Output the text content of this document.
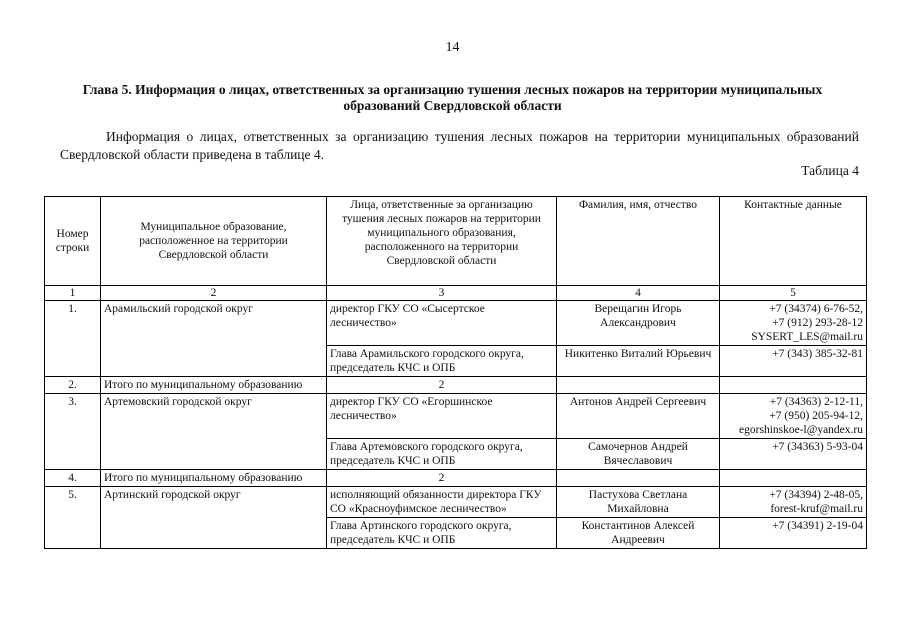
14
Глава 5. Информация о лицах, ответственных за организацию тушения лесных пожаров на территории муниципальных образований Свердловской области
Информация о лицах, ответственных за организацию тушения лесных пожаров на территории муниципальных образований Свердловской области приведена в таблице 4.
Таблица 4
Номер строки	Муниципальное образование, расположенное на территории Свердловской области	Лица, ответственные за организацию тушения лесных пожаров на территории муниципального образования, расположенного на территории Свердловской области	Фамилия, имя, отчество	Контактные данные
1	2	3	4	5
1.	Арамильский городской округ	директор ГКУ СО «Сысертское лесничество»	Верещагин Игорь Александрович	+7 (34374) 6-76-52,
+7 (912) 293-28-12
SYSERT_LES@mail.ru

		Глава Арамильского городского округа, председатель КЧС и ОПБ	Никитенко Виталий Юрьевич	+7 (343) 385-32-81

2.	Итого по муниципальному образованию	2		
3.	Артемовский городской округ	директор ГКУ СО «Егоршинское лесничество»	Антонов Андрей Сергеевич	+7 (34363) 2-12-11,
+7 (950) 205-94-12,
egorshinskoe-l@yandex.ru

		Глава Артемовского городского округа, председатель КЧС и ОПБ	Самочернов Андрей Вячеславович	+7 (34363) 5-93-04

4.	Итого по муниципальному образованию	2		
5.	Артинский городской округ	исполняющий обязанности директора ГКУ СО «Красноуфимское лесничество»	Пастухова Светлана Михайловна	+7 (34394) 2-48-05,
forest-kruf@mail.ru

		Глава Артинского городского округа, председатель КЧС и ОПБ	Константинов Алексей Андреевич	+7 (34391) 2-19-04
